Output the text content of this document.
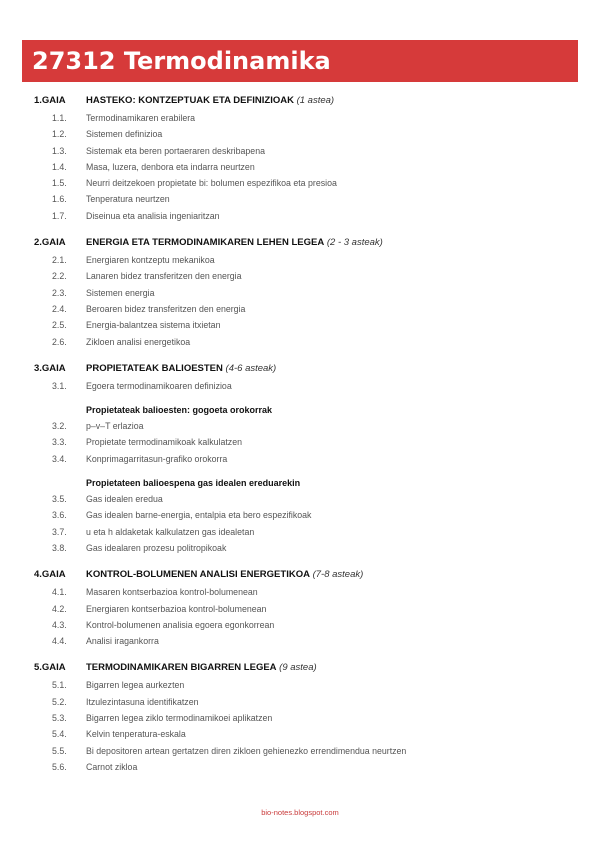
27312 Termodinamika
1.GAIA HASTEKO: KONTZEPTUAK ETA DEFINIZIOAK (1 astea)
1.1. Termodinamikaren erabilera
1.2. Sistemen definizioa
1.3. Sistemak eta beren portaeraren deskribapena
1.4. Masa, luzera, denbora eta indarra neurtzen
1.5. Neurri deitzekoen propietate bi: bolumen espezifikoa eta presioa
1.6. Tenperatura neurtzen
1.7. Diseinua eta analisia ingeniaritzan
2.GAIA ENERGIA ETA TERMODINAMIKAREN LEHEN LEGEA (2 - 3 asteak)
2.1. Energiaren kontzeptu mekanikoa
2.2. Lanaren bidez transferitzen den energia
2.3. Sistemen energia
2.4. Beroaren bidez transferitzen den energia
2.5. Energia-balantzea sistema itxietan
2.6. Zikloen analisi energetikoa
3.GAIA PROPIETATEAK BALIOESTEN (4-6 asteak)
3.1. Egoera termodinamikoaren definizioa
Propietateak balioesten: gogoeta orokorrak
3.2. p–v–T erlazioa
3.3. Propietate termodinamikoak kalkulatzen
3.4. Konprimagarritasun-grafiko orokorra
Propietateen balioespena gas idealen ereduarekin
3.5. Gas idealen eredua
3.6. Gas idealen barne-energia, entalpia eta bero espezifikoak
3.7. u eta h aldaketak kalkulatzen gas idealetan
3.8. Gas idealaren prozesu politropikoak
4.GAIA KONTROL-BOLUMENEN ANALISI ENERGETIKOA (7-8 asteak)
4.1. Masaren kontserbazioa kontrol-bolumenean
4.2. Energiaren kontserbazioa kontrol-bolumenean
4.3. Kontrol-bolumenen analisia egoera egonkorrean
4.4. Analisi iragankorra
5.GAIA TERMODINAMIKAREN BIGARREN LEGEA (9 astea)
5.1. Bigarren legea aurkezten
5.2. Itzulezintasuna identifikatzen
5.3. Bigarren legea ziklo termodinamikoei aplikatzen
5.4. Kelvin tenperatura-eskala
5.5. Bi depositoren artean gertatzen diren zikloen gehienezko errendimendua neurtzen
5.6. Carnot zikloa
bio-notes.blogspot.com
